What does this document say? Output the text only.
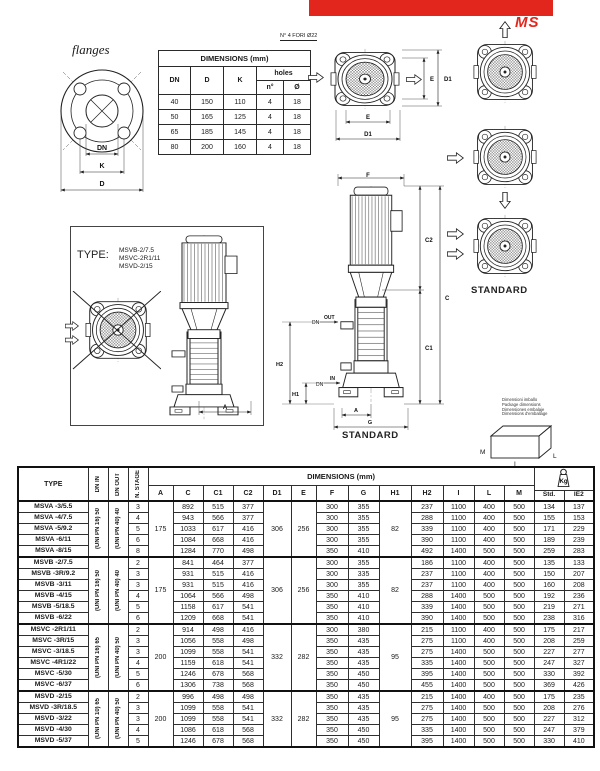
MS
flanges
DN
K
D
DIMENSIONS (mm)				
DN	D	K	holes	
			n°	Ø
40	150	110	4	18
50	165	125	4	18
65	185	145	4	18
80	200	160	4	18
N° 4 FORI Ø22
E D1
E
D1
STANDARD
TYPE: MSVB-2/7.5
MSVC-2R1/11
MSVD-2/15
A
F
C
C2
C1
A
G
DN
OUT
H2
DN
IN
H1
STANDARD
Dimensioni imballo
Package dimensions
Dimensiones embalaje
Dimensions d'emballage
M
L
I
TYPE	DN IN	DN OUT	N. STAGE	DIMENSIONS (mm)													Kg	

				A	C	C1	C2	D1	E	F	G	H1	H2	I	L	M		
																	Std.	IE2
MSVA -3/5.5	(UNI PN 16) 50	(UNI PN 40) 40	3	175	892	515	377	306	256	300	355	82	237	1100	400	500	134	137
MSVA -4/7.5			4		943	566	377			300	355		288	1100	400	500	155	153
MSVA -5/9.2			5		1033	617	416			300	355		339	1100	400	500	171	229
MSVA -6/11			6		1084	668	416			300	355		390	1100	400	500	189	239
MSVA -8/15			8		1284	770	498			350	410		492	1400	500	500	259	283
MSVB -2/7.5	(UNI PN 16) 50	(UNI PN 40) 40	2	175	841	464	377	306	256	300	355	82	186	1100	400	500	135	133
MSVB -3R/9.2			3		931	515	416			300	335		237	1100	400	500	150	207
MSVB -3/11			3		931	515	416			300	355		237	1100	400	500	160	208
MSVB -4/15			4		1064	566	498			350	410		288	1400	500	500	192	236
MSVB -5/18.5			5		1158	617	541			350	410		339	1400	500	500	219	271
MSVB -6/22			6		1209	668	541			350	410		390	1400	500	500	238	316
MSVC -2R1/11	(UNI PN 16) 65	(UNI PN 40) 50	2	200	914	498	416	332	282	300	380	95	215	1100	400	500	175	217
MSVC -3R/15			3		1056	558	498			350	435		275	1100	400	500	208	259
MSVC -3/18.5			3		1099	558	541			350	435		275	1400	500	500	227	277
MSVC -4R1/22			4		1159	618	541			350	435		335	1400	500	500	247	327
MSVC -5/30			5		1246	678	568			350	450		395	1400	500	500	330	392
MSVC -6/37			6		1306	738	568			350	450		455	1400	500	500	369	426
MSVD -2/15	(UNI PN 10) 65	(UNI PN 40) 50	2	200	996	498	498	332	282	350	435	95	215	1400	400	500	175	235
MSVD -3R/18.5			3		1099	558	541			350	435		275	1400	500	500	208	276
MSVD -3/22			3		1099	558	541			350	435		275	1400	500	500	227	312
MSVD -4/30			4		1086	618	568			350	450		335	1400	500	500	247	379
MSVD -5/37			5		1246	678	568			350	450		395	1400	500	500	330	410
